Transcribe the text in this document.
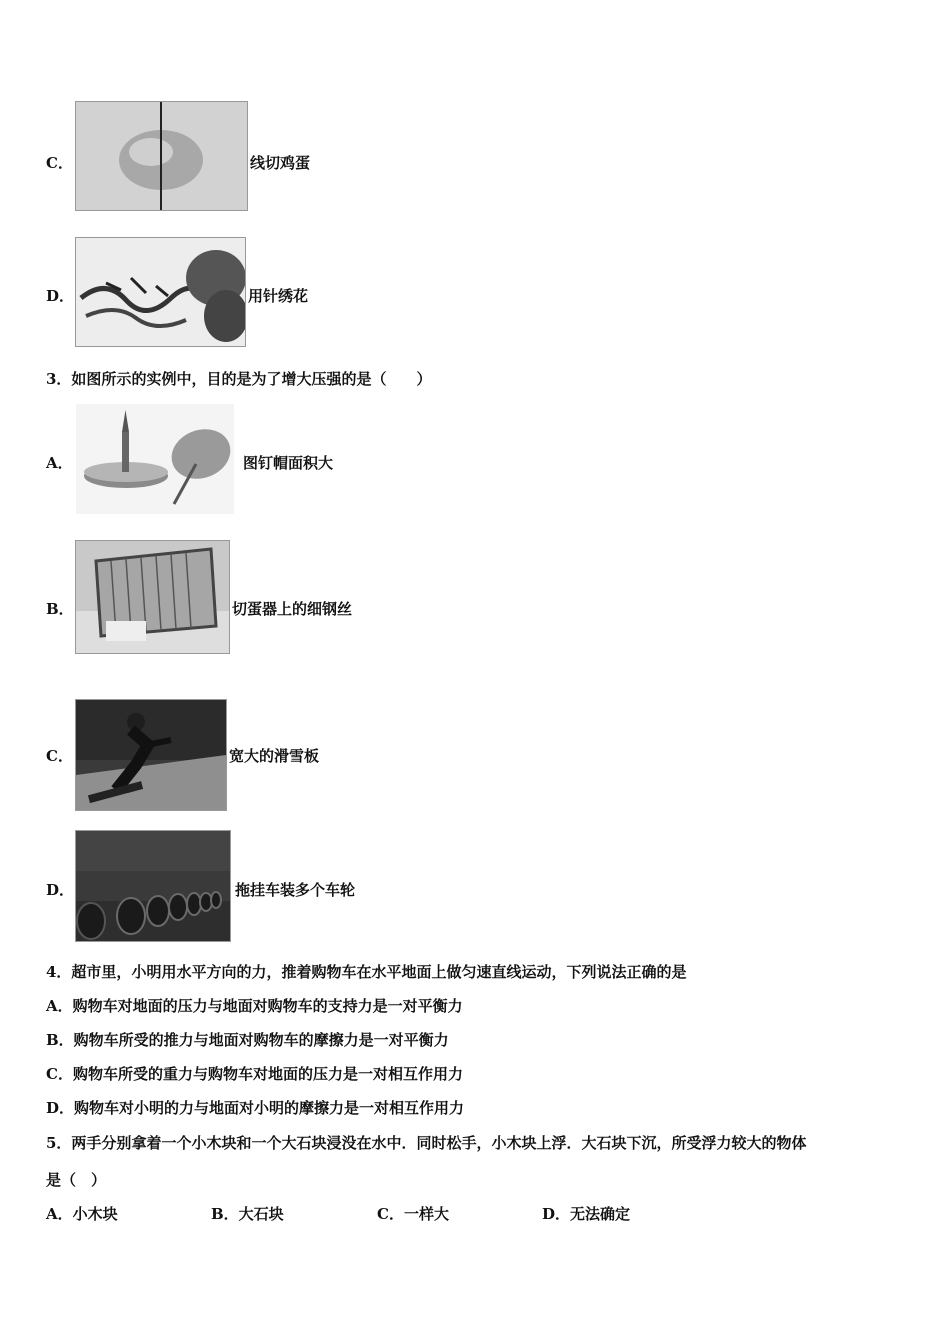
C．	线切鸡蛋
D．	用针绣花
3．如图所示的实例中，目的是为了增大压强的是（　　）
A．	图钉帽面积大
B．	切蛋器上的细钢丝
C．	宽大的滑雪板
D．	拖挂车装多个车轮
4．超市里，小明用水平方向的力，推着购物车在水平地面上做匀速直线运动，下列说法正确的是
A．购物车对地面的压力与地面对购物车的支持力是一对平衡力
B．购物车所受的推力与地面对购物车的摩擦力是一对平衡力
C．购物车所受的重力与购物车对地面的压力是一对相互作用力
D．购物车对小明的力与地面对小明的摩擦力是一对相互作用力
5．两手分别拿着一个小木块和一个大石块浸没在水中．同时松手，小木块上浮．大石块下沉，所受浮力较大的物体
是（　）
A．小木块	B．大石块	C．一样大	D．无法确定
